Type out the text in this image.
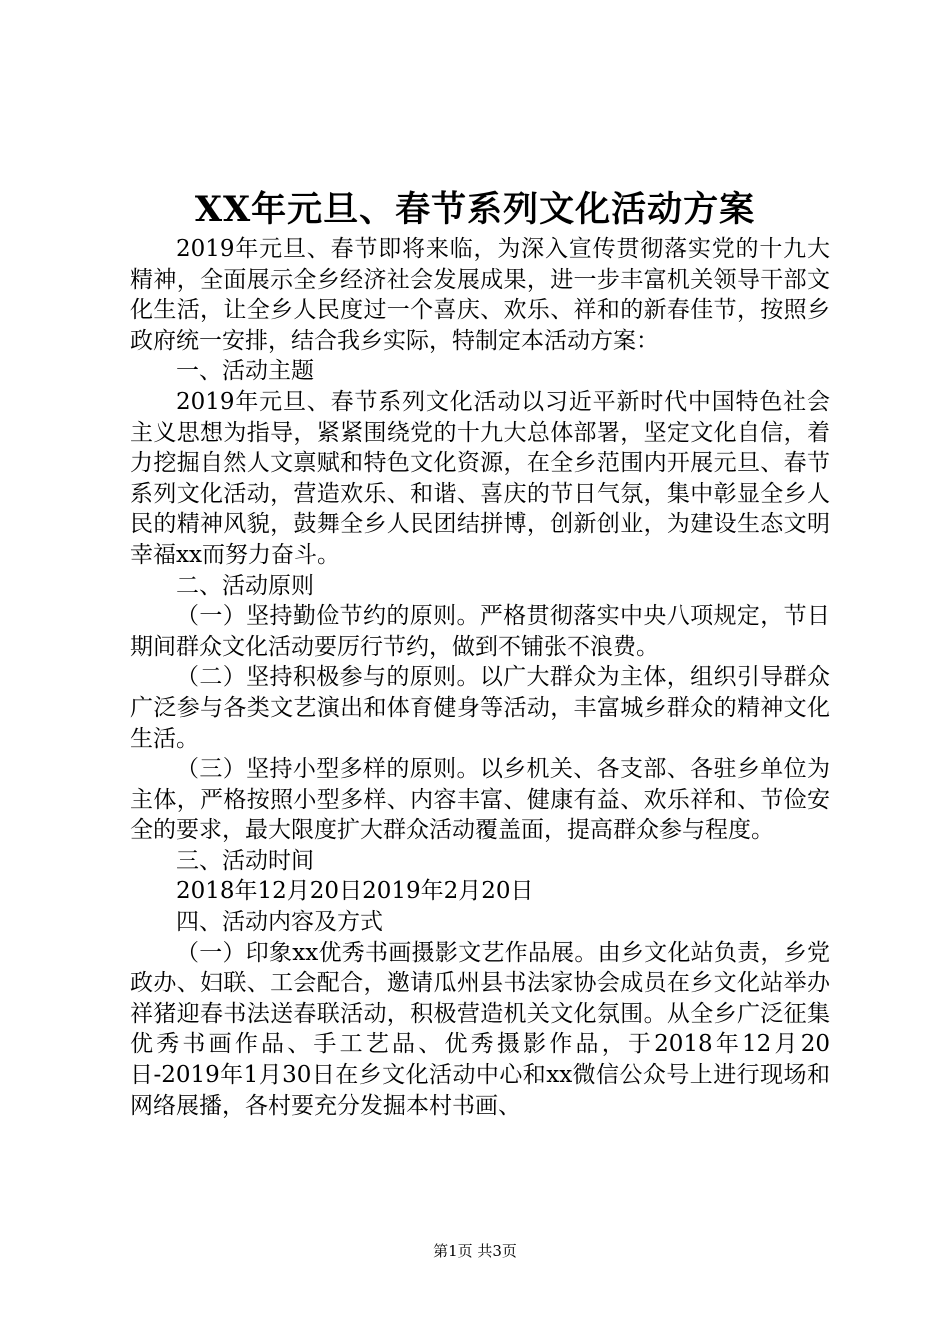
XX年元旦、春节系列文化活动方案

2019年元旦、春节即将来临，为深入宣传贯彻落实党的十九大精神，全面展示全乡经济社会发展成果，进一步丰富机关领导干部文化生活，让全乡人民度过一个喜庆、欢乐、祥和的新春佳节，按照乡政府统一安排，结合我乡实际，特制定本活动方案：

一、活动主题

2019年元旦、春节系列文化活动以习近平新时代中国特色社会主义思想为指导，紧紧围绕党的十九大总体部署，坚定文化自信，着力挖掘自然人文禀赋和特色文化资源，在全乡范围内开展元旦、春节系列文化活动，营造欢乐、和谐、喜庆的节日气氛，集中彰显全乡人民的精神风貌，鼓舞全乡人民团结拼博，创新创业，为建设生态文明幸福xx而努力奋斗。

二、活动原则

（一）坚持勤俭节约的原则。严格贯彻落实中央八项规定，节日期间群众文化活动要厉行节约，做到不铺张不浪费。

（二）坚持积极参与的原则。以广大群众为主体，组织引导群众广泛参与各类文艺演出和体育健身等活动，丰富城乡群众的精神文化生活。

（三）坚持小型多样的原则。以乡机关、各支部、各驻乡单位为主体，严格按照小型多样、内容丰富、健康有益、欢乐祥和、节俭安全的要求，最大限度扩大群众活动覆盖面，提高群众参与程度。

三、活动时间

2018年12月20日2019年2月20日

四、活动内容及方式

（一）印象xx优秀书画摄影文艺作品展。由乡文化站负责，乡党政办、妇联、工会配合，邀请瓜州县书法家协会成员在乡文化站举办祥猪迎春书法送春联活动，积极营造机关文化氛围。从全乡广泛征集优秀书画作品、手工艺品、优秀摄影作品，于2018年12月20日-2019年1月30日在乡文化活动中心和xx微信公众号上进行现场和网络展播，各村要充分发掘本村书画、

第1页 共3页
